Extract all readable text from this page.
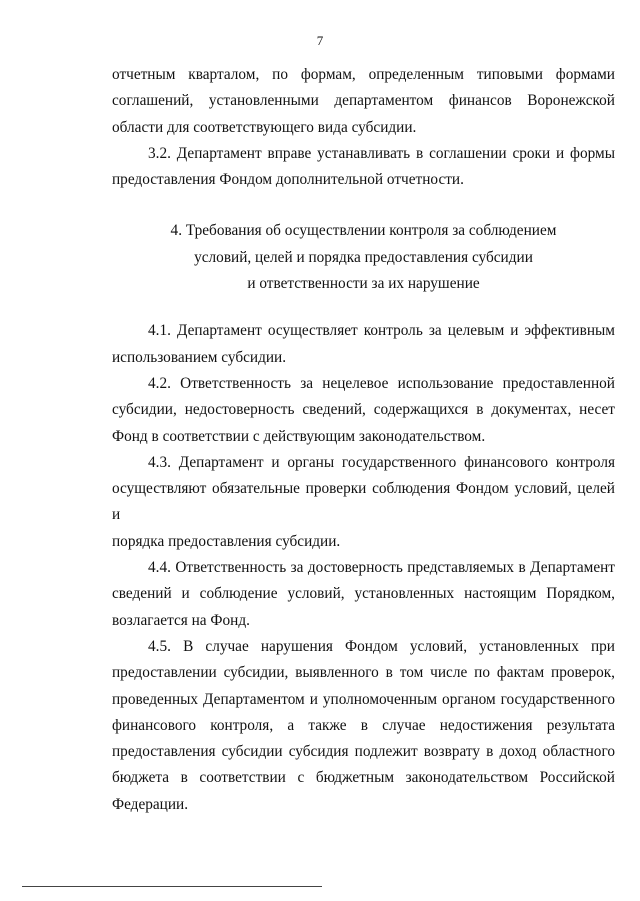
7

отчетным кварталом, по формам, определенным типовыми формами

соглашений, установленными департаментом финансов Воронежской

области для соответствующего вида субсидии.

3.2. Департамент вправе устанавливать в соглашении сроки и формы

предоставления Фондом дополнительной отчетности.

4. Требования об осуществлении контроля за соблюдением

условий, целей и порядка предоставления субсидии

и ответственности за их нарушение

4.1. Департамент осуществляет контроль за целевым и эффективным

использованием субсидии.

4.2. Ответственность за нецелевое использование предоставленной

субсидии, недостоверность сведений, содержащихся в документах, несет

Фонд в соответствии с действующим законодательством.

4.3. Департамент и органы государственного финансового контроля

осуществляют обязательные проверки соблюдения Фондом условий, целей и

порядка предоставления субсидии.

4.4. Ответственность за достоверность представляемых в Департамент

сведений и соблюдение условий, установленных настоящим Порядком,

возлагается на Фонд.

4.5. В случае нарушения Фондом условий, установленных при

предоставлении субсидии, выявленного в том числе по фактам проверок,

проведенных Департаментом и уполномоченным органом государственного

финансового контроля, а также в случае недостижения результата

предоставления субсидии субсидия подлежит возврату в доход областного

бюджета в соответствии с бюджетным законодательством Российской

Федерации.
